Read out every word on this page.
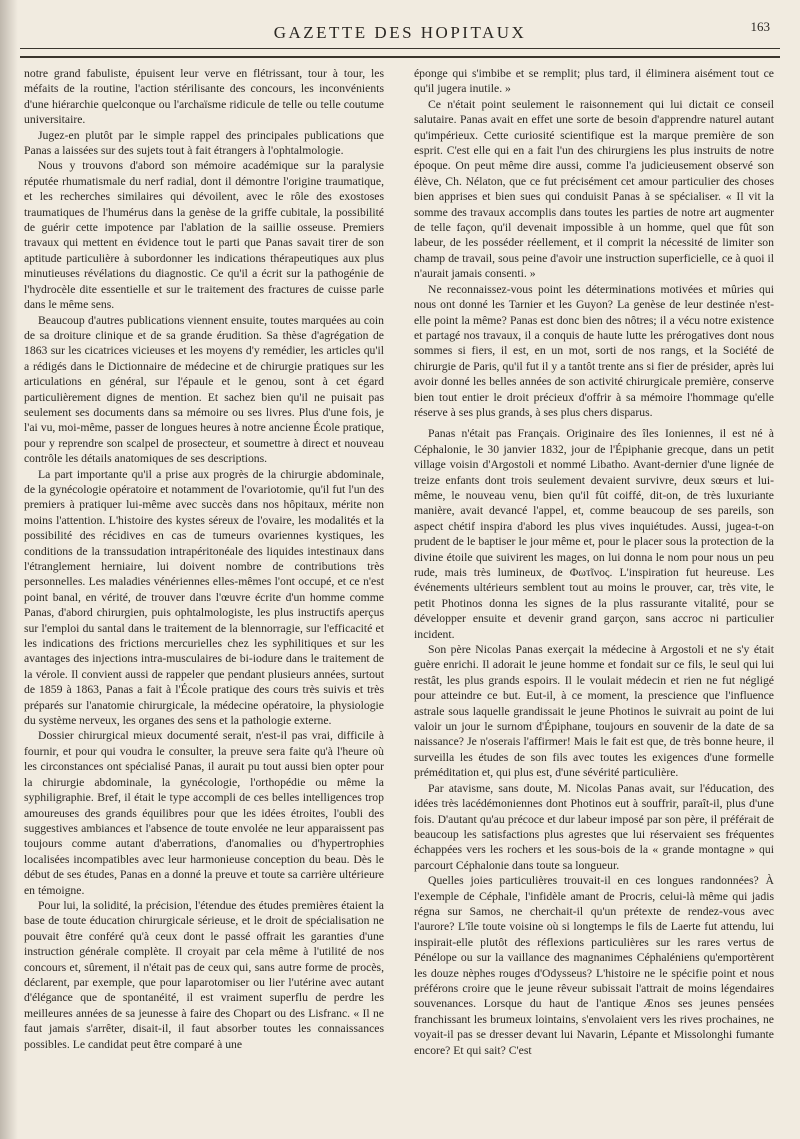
GAZETTE DES HOPITAUX	163

notre grand fabuliste, épuisent leur verve en flétrissant, tour à tour, les méfaits de la routine, l'action stérilisante des concours, les inconvénients d'une hiérarchie quelconque ou l'archaïsme ridicule de telle ou telle coutume universitaire.

Jugez-en plutôt par le simple rappel des principales publications que Panas a laissées sur des sujets tout à fait étrangers à l'ophtalmologie.

Nous y trouvons d'abord son mémoire académique sur la paralysie réputée rhumatismale du nerf radial, dont il démontre l'origine traumatique, et les recherches similaires qui dévoilent, avec le rôle des exostoses traumatiques de l'humérus dans la genèse de la griffe cubitale, la possibilité de guérir cette impotence par l'ablation de la saillie osseuse. Premiers travaux qui mettent en évidence tout le parti que Panas savait tirer de son aptitude particulière à subordonner les indications thérapeutiques aux plus minutieuses révélations du diagnostic. Ce qu'il a écrit sur la pathogénie de l'hydrocèle dite essentielle et sur le traitement des fractures de cuisse parle dans le même sens.

Beaucoup d'autres publications viennent ensuite, toutes marquées au coin de sa droiture clinique et de sa grande érudition. Sa thèse d'agrégation de 1863 sur les cicatrices vicieuses et les moyens d'y remédier, les articles qu'il a rédigés dans le Dictionnaire de médecine et de chirurgie pratiques sur les articulations en général, sur l'épaule et le genou, sont à cet égard particulièrement dignes de mention. Et sachez bien qu'il ne puisait pas seulement ses documents dans sa mémoire ou ses livres. Plus d'une fois, je l'ai vu, moi-même, passer de longues heures à notre ancienne École pratique, pour y reprendre son scalpel de prosecteur, et soumettre à direct et nouveau contrôle les détails anatomiques de ses descriptions.

La part importante qu'il a prise aux progrès de la chirurgie abdominale, de la gynécologie opératoire et notamment de l'ovariotomie, qu'il fut l'un des premiers à pratiquer lui-même avec succès dans nos hôpitaux, mérite non moins l'attention. L'histoire des kystes séreux de l'ovaire, les modalités et la possibilité des récidives en cas de tumeurs ovariennes kystiques, les conditions de la transsudation intrapéritonéale des liquides intestinaux dans l'étranglement herniaire, lui doivent nombre de contributions très personnelles. Les maladies vénériennes elles-mêmes l'ont occupé, et ce n'est point banal, en vérité, de trouver dans l'œuvre écrite d'un homme comme Panas, d'abord chirurgien, puis ophtalmologiste, les plus instructifs aperçus sur l'emploi du santal dans le traitement de la blennorragie, sur l'efficacité et les indications des frictions mercurielles chez les syphilitiques et sur les avantages des injections intra-musculaires de bi-iodure dans le traitement de la vérole. Il convient aussi de rappeler que pendant plusieurs années, surtout de 1859 à 1863, Panas a fait à l'École pratique des cours très suivis et très préparés sur l'anatomie chirurgicale, la médecine opératoire, la physiologie du système nerveux, les organes des sens et la pathologie externe.

Dossier chirurgical mieux documenté serait, n'est-il pas vrai, difficile à fournir, et pour qui voudra le consulter, la preuve sera faite qu'à l'heure où les circonstances ont spécialisé Panas, il aurait pu tout aussi bien opter pour la chirurgie abdominale, la gynécologie, l'orthopédie ou même la syphiligraphie. Bref, il était le type accompli de ces belles intelligences trop amoureuses des grands équilibres pour que les idées étroites, l'oubli des suggestives ambiances et l'absence de toute envolée ne leur apparaissent pas toujours comme autant d'aberrations, d'anomalies ou d'hypertrophies localisées incompatibles avec leur harmonieuse conception du beau. Dès le début de ses études, Panas en a donné la preuve et toute sa carrière ultérieure en témoigne.

Pour lui, la solidité, la précision, l'étendue des études premières étaient la base de toute éducation chirurgicale sérieuse, et le droit de spécialisation ne pouvait être conféré qu'à ceux dont le passé offrait les garanties d'une instruction générale complète. Il croyait par cela même à l'utilité de nos concours et, sûrement, il n'était pas de ceux qui, sans autre forme de procès, déclarent, par exemple, que pour laparotomiser ou lier l'utérine avec autant d'élégance que de spontanéité, il est vraiment superflu de perdre les meilleures années de sa jeunesse à faire des Chopart ou des Lisfranc. « Il ne faut jamais s'arrêter, disait-il, il faut absorber toutes les connaissances possibles. Le candidat peut être comparé à une

éponge qui s'imbibe et se remplit; plus tard, il éliminera aisément tout ce qu'il jugera inutile. »

Ce n'était point seulement le raisonnement qui lui dictait ce conseil salutaire. Panas avait en effet une sorte de besoin d'apprendre naturel autant qu'impérieux. Cette curiosité scientifique est la marque première de son esprit. C'est elle qui en a fait l'un des chirurgiens les plus instruits de notre époque. On peut même dire aussi, comme l'a judicieusement observé son élève, Ch. Nélaton, que ce fut précisément cet amour particulier des choses bien apprises et bien sues qui conduisit Panas à se spécialiser. « Il vit la somme des travaux accomplis dans toutes les parties de notre art augmenter de telle façon, qu'il devenait impossible à un homme, quel que fût son labeur, de les posséder réellement, et il comprit la nécessité de limiter son champ de travail, sous peine d'avoir une instruction superficielle, ce à quoi il n'aurait jamais consenti. »

Ne reconnaissez-vous point les déterminations motivées et mûries qui nous ont donné les Tarnier et les Guyon? La genèse de leur destinée n'est-elle point la même? Panas est donc bien des nôtres; il a vécu notre existence et partagé nos travaux, il a conquis de haute lutte les prérogatives dont nous sommes si fiers, il est, en un mot, sorti de nos rangs, et la Société de chirurgie de Paris, qu'il fut il y a tantôt trente ans si fier de présider, après lui avoir donné les belles années de son activité chirurgicale première, conserve bien tout entier le droit précieux d'offrir à sa mémoire l'hommage qu'elle réserve à ses plus grands, à ses plus chers disparus.

Panas n'était pas Français. Originaire des îles Ioniennes, il est né à Céphalonie, le 30 janvier 1832, jour de l'Épiphanie grecque, dans un petit village voisin d'Argostoli et nommé Libatho. Avant-dernier d'une lignée de treize enfants dont trois seulement devaient survivre, deux sœurs et lui-même, le nouveau venu, bien qu'il fût coiffé, dit-on, de très luxuriante manière, avait devancé l'appel, et, comme beaucoup de ses pareils, son aspect chétif inspira d'abord les plus vives inquiétudes. Aussi, jugea-t-on prudent de le baptiser le jour même et, pour le placer sous la protection de la divine étoile que suivirent les mages, on lui donna le nom pour nous un peu rude, mais très lumineux, de Φωτῖνος. L'inspiration fut heureuse. Les événements ultérieurs semblent tout au moins le prouver, car, très vite, le petit Photinos donna les signes de la plus rassurante vitalité, pour se développer ensuite et devenir grand garçon, sans accroc ni particulier incident.

Son père Nicolas Panas exerçait la médecine à Argostoli et ne s'y était guère enrichi. Il adorait le jeune homme et fondait sur ce fils, le seul qui lui restât, les plus grands espoirs. Il le voulait médecin et rien ne fut négligé pour atteindre ce but. Eut-il, à ce moment, la prescience que l'influence astrale sous laquelle grandissait le jeune Photinos le suivrait au point de lui valoir un jour le surnom d'Épiphane, toujours en souvenir de la date de sa naissance? Je n'oserais l'affirmer! Mais le fait est que, de très bonne heure, il surveilla les études de son fils avec toutes les exigences d'une formelle préméditation et, qui plus est, d'une sévérité particulière.

Par atavisme, sans doute, M. Nicolas Panas avait, sur l'éducation, des idées très lacédémoniennes dont Photinos eut à souffrir, paraît-il, plus d'une fois. D'autant qu'au précoce et dur labeur imposé par son père, il préférait de beaucoup les satisfactions plus agrestes que lui réservaient ses fréquentes échappées vers les rochers et les sous-bois de la « grande montagne » qui parcourt Céphalonie dans toute sa longueur.

Quelles joies particulières trouvait-il en ces longues randonnées? À l'exemple de Céphale, l'infidèle amant de Procris, celui-là même qui jadis régna sur Samos, ne cherchait-il qu'un prétexte de rendez-vous avec l'aurore? L'île toute voisine où si longtemps le fils de Laerte fut attendu, lui inspirait-elle plutôt des réflexions particulières sur les rares vertus de Pénélope ou sur la vaillance des magnanimes Céphaléniens qu'emportèrent les douze nèphes rouges d'Odysseus? L'histoire ne le spécifie point et nous préférons croire que le jeune rêveur subissait l'attrait de moins légendaires souvenances. Lorsque du haut de l'antique Ænos ses jeunes pensées franchissant les brumeux lointains, s'envolaient vers les rives prochaines, ne voyait-il pas se dresser devant lui Navarin, Lépante et Missolonghi fumante encore? Et qui sait? C'est
